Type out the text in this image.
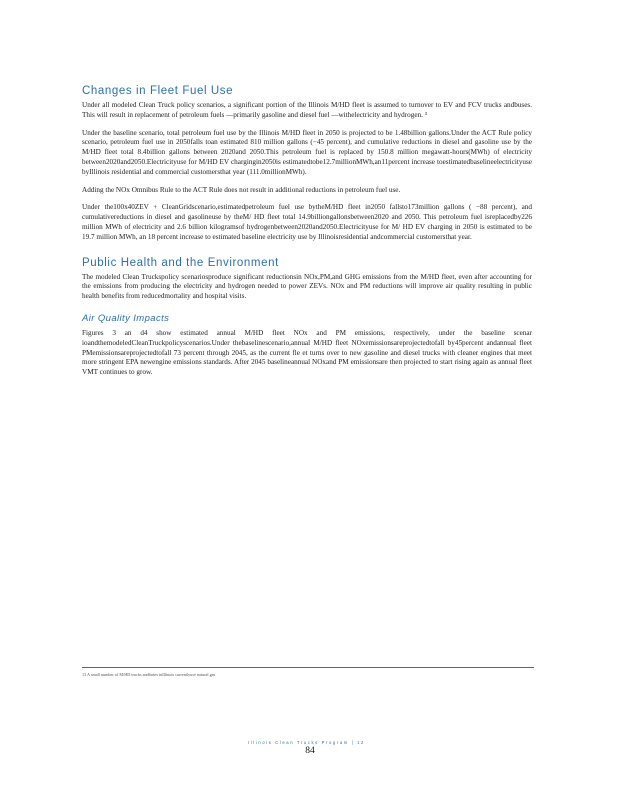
Changes in Fleet Fuel Use

Under all modeled Clean Truck policy scenarios, a significant portion of the Illinois M/HD fleet is assumed to turnover to EV and FCV trucks andbuses. This will result in replacement of petroleum fuels —primarily gasoline and diesel fuel —withelectricity and hydrogen. ³

Under the baseline scenario, total petroleum fuel use by the Illinois M/HD fleet in 2050 is projected to be 1.48billion gallons.Under the ACT Rule policy scenario, petroleum fuel use in 2050falls toan estimated 810 million gallons (−45 percent), and cumulative reductions in diesel and gasoline use by the M/HD fleet total 8.4billion gallons between 2020and 2050.This petroleum fuel is replaced by 150.8 million megawatt-hours(MWh) of electricity between2020and2050.Electricityuse for M/HD EV chargingin2050is estimatedtobe12.7millionMWh,an11percent increase toestimatedbaselineelectricityuse byIllinois residential and commercial customersthat year (111.0millionMWh).

Adding the NOx Omnibus Rule to the ACT Rule does not result in additional reductions in petroleum fuel use.

Under the100x40ZEV + CleanGridscenario,estimatedpetroleum fuel use bytheM/HD fleet in2050 fallsto173million gallons ( −88 percent), and cumulativereductions in diesel and gasolineuse by theM/ HD fleet total 14.9billiongallonsbetween2020 and 2050. This petroleum fuel isreplacedby226 million MWh of electricity and 2.6 billion kilogramsof hydrogenbetween2020and2050.Electricityuse for M/ HD EV charging in 2050 is estimated to be 19.7 million MWh, an 18 percent increase to estimated baseline electricity use by Illinoisresidential andcommercial customersthat year.

Public Health and the Environment

The modeled Clean Truckspolicy scenariosproduce significant reductionsin NOx,PM,and GHG emissions from the M/HD fleet, even after accounting for the emissions from producing the electricity and hydrogen needed to power ZEVs. NOx and PM reductions will improve air quality resulting in public health benefits from reducedmortality and hospital visits.

Air Quality Impacts

Figures 3 an d4 show estimated annual M/HD fleet NOx and PM emissions, respectively, under the baseline scenar ioandthemodeledCleanTruckpolicyscenarios.Under thebaselinescenario,annual M/HD fleet NOxemissionsareprojectedtofall by45percent andannual fleet PMemissionsareprojectedtofall 73 percent through 2045, as the current fle et turns over to new gasoline and diesel trucks with cleaner engines that meet more stringent EPA newengine emissions standards. After 2045 baselineannual NOxand PM emissionsare then projected to start rising again as annual fleet VMT continues to grow.

13 A small number of M/HD trucks andbuses inIllinois currentlyuse natural gas
Illinois Clean Trucks Program | 12
84
